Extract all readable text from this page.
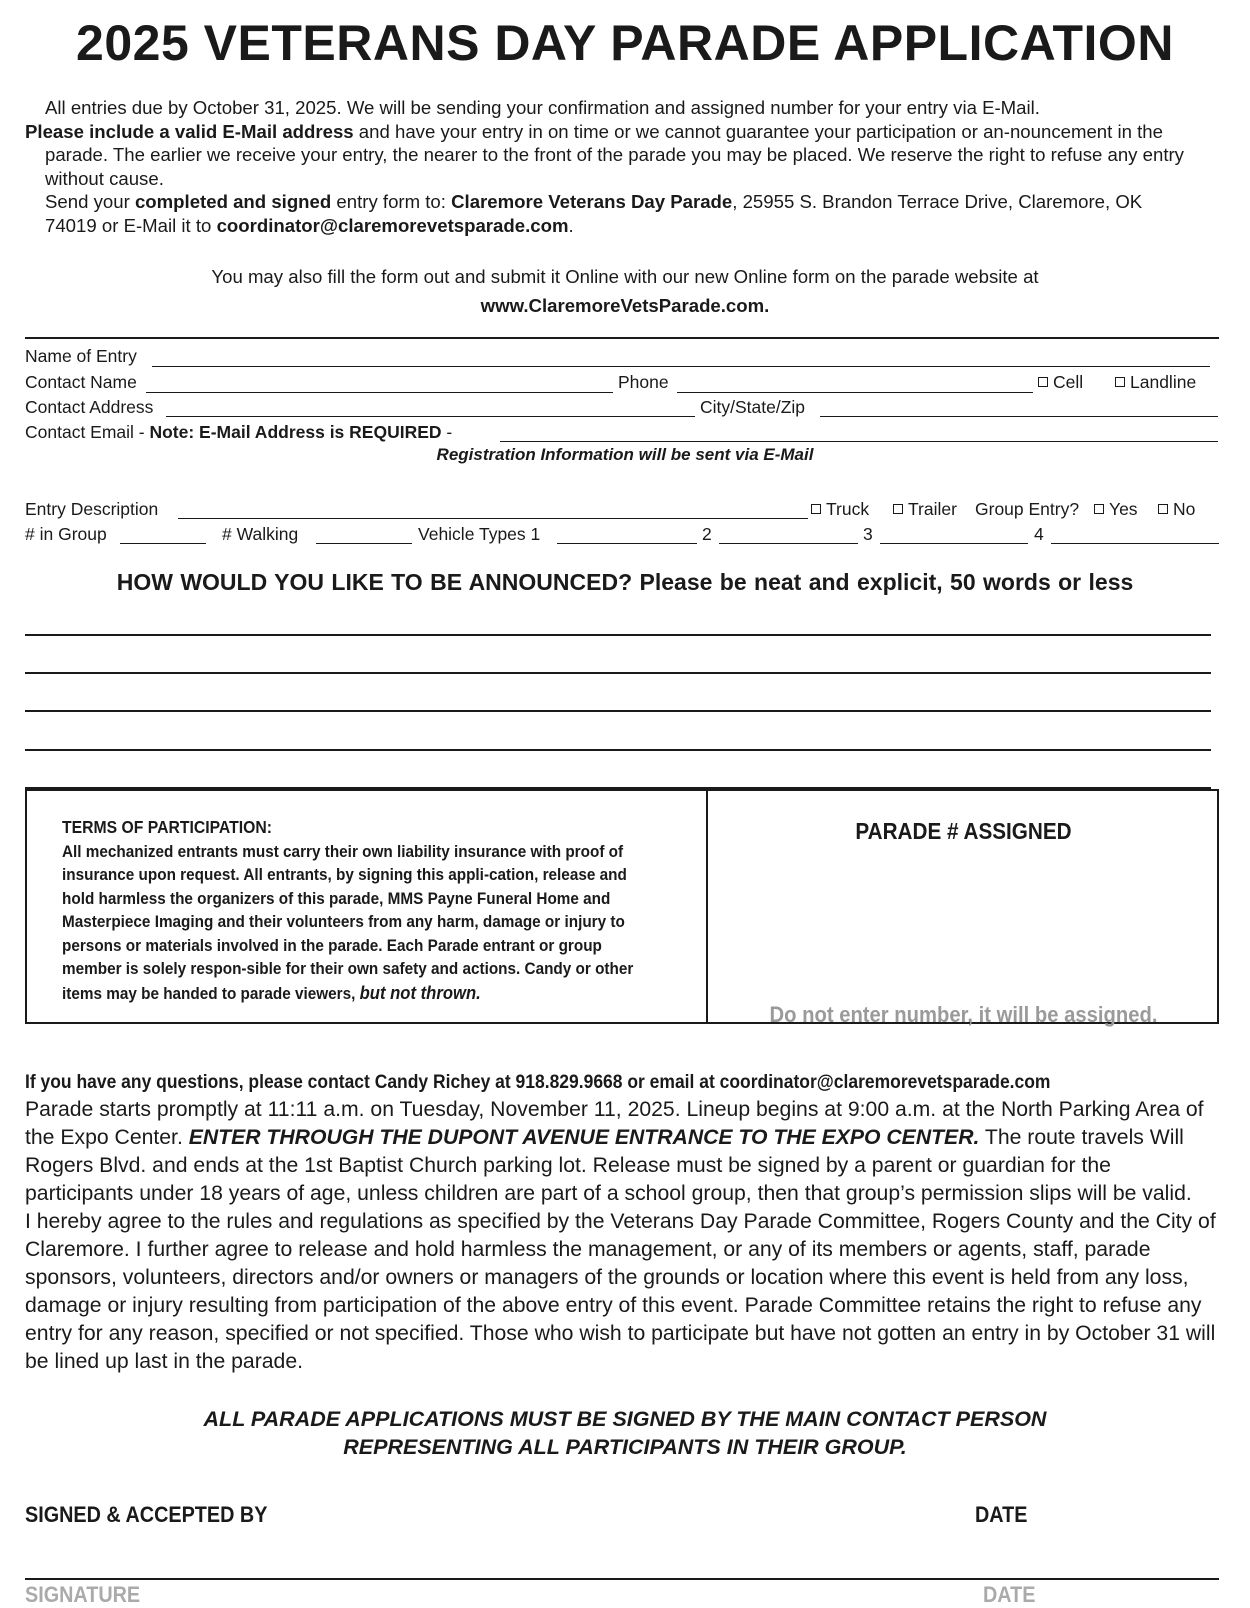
2025 VETERANS DAY PARADE APPLICATION

All entries due by October 31, 2025. We will be sending your confirmation and assigned number for your entry via E-Mail.
Please include a valid E-Mail address and have your entry in on time or we cannot guarantee your participation or an-nouncement in the parade. The earlier we receive your entry, the nearer to the front of the parade you may be placed. We reserve the right to refuse any entry without cause.

Send your completed and signed entry form to: Claremore Veterans Day Parade, 25955 S. Brandon Terrace Drive, Claremore, OK 74019 or E-Mail it to coordinator@claremorevetsparade.com.

You may also fill the form out and submit it Online with our new Online form on the parade website at
www.ClaremoreVetsParade.com.
Name of Entry
Contact Name	Phone	Cell	Landline
Contact Address	City/State/Zip
Contact Email - Note: E-Mail Address is REQUIRED -
Registration Information will be sent via E-Mail
Entry Description	Truck	Trailer Group Entry?	Yes	No
# in Group	# Walking	Vehicle Types 1	2	3	4
HOW WOULD YOU LIKE TO BE ANNOUNCED? Please be neat and explicit, 50 words or less
TERMS OF PARTICIPATION:
All mechanized entrants must carry their own liability insurance with proof of insurance upon request. All entrants, by signing this appli-cation, release and hold harmless the organizers of this parade, MMS Payne Funeral Home and Masterpiece Imaging and their volunteers from any harm, damage or injury to persons or materials involved in the parade. Each Parade entrant or group member is solely respon-sible for their own safety and actions. Candy or other items may be handed to parade viewers, but not thrown.
PARADE # ASSIGNED
Do not enter number, it will be assigned.
If you have any questions, please contact Candy Richey at 918.829.9668 or email at coordinator@claremorevetsparade.com

Parade starts promptly at 11:11 a.m. on Tuesday, November 11, 2025. Lineup begins at 9:00 a.m. at the North Parking Area of the Expo Center. ENTER THROUGH THE DUPONT AVENUE ENTRANCE TO THE EXPO CENTER. The route travels Will Rogers Blvd. and ends at the 1st Baptist Church parking lot. Release must be signed by a parent or guardian for the participants under 18 years of age, unless children are part of a school group, then that group’s permission slips will be valid.

I hereby agree to the rules and regulations as specified by the Veterans Day Parade Committee, Rogers County and the City of Claremore. I further agree to release and hold harmless the management, or any of its members or agents, staff, parade sponsors, volunteers, directors and/or owners or managers of the grounds or location where this event is held from any loss, damage or injury resulting from participation of the above entry of this event. Parade Committee retains the right to refuse any entry for any reason, specified or not specified. Those who wish to participate but have not gotten an entry in by October 31 will be lined up last in the parade.

ALL PARADE APPLICATIONS MUST BE SIGNED BY THE MAIN CONTACT PERSON
REPRESENTING ALL PARTICIPANTS IN THEIR GROUP.
SIGNED & ACCEPTED BY	DATE
SIGNATURE	DATE
